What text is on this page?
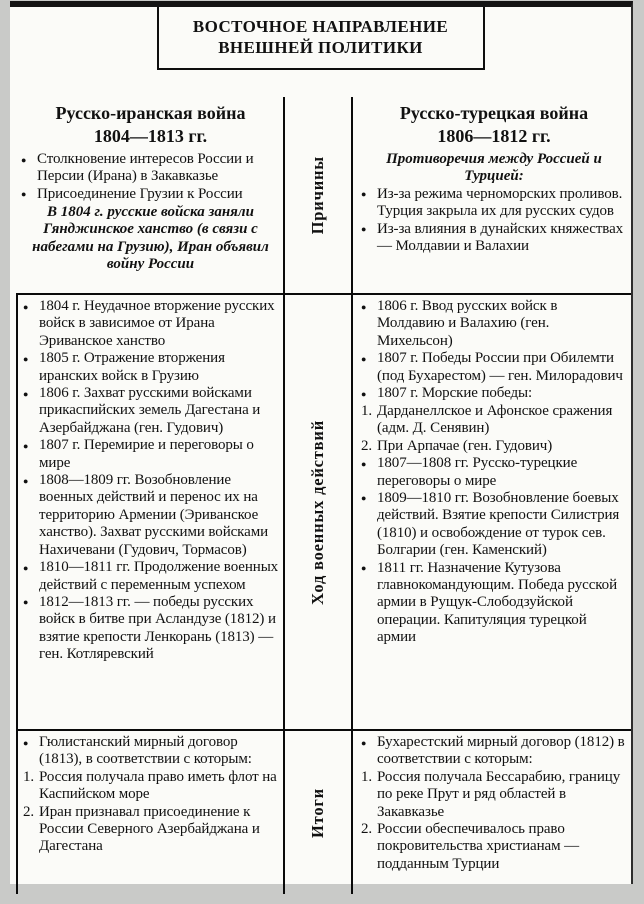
ВОСТОЧНОЕ НАПРАВЛЕНИЕ
ВНЕШНЕЙ ПОЛИТИКИ
Русско-иранская война
1804—1813 гг.
● Столкновение интересов России и Персии (Ирана) в Закавказье
● Присоединение Грузии к России
В 1804 г. русские войска заняли Гянджинское ханство (в связи с набегами на Грузию), Иран объявил войну России
Причины
Русско-турецкая война
1806—1812 гг.
Противоречия между Россией и Турцией:
● Из-за режима черноморских проливов. Турция закрыла их для русских судов
● Из-за влияния в дунайских княжествах — Молдавии и Валахии
● 1804 г. Неудачное вторжение русских войск в зависимое от Ирана Эриванское ханство
● 1805 г. Отражение вторжения иранских войск в Грузию
● 1806 г. Захват русскими войсками прикаспийских земель Дагестана и Азербайджана (ген. Гудович)
● 1807 г. Перемирие и переговоры о мире
● 1808—1809 гг. Возобновление военных действий и перенос их на территорию Армении (Эриванское ханство). Захват русскими войсками Нахичевани (Гудович, Тормасов)
● 1810—1811 гг. Продолжение военных действий с переменным успехом
● 1812—1813 гг. — победы русских войск в битве при Асландузе (1812) и взятие крепости Ленкорань (1813) — ген. Котляревский
Ход военных действий
● 1806 г. Ввод русских войск в Молдавию и Валахию (ген. Михельсон)
● 1807 г. Победы России при Обилемти (под Бухарестом) — ген. Милорадович
● 1807 г. Морские победы:
1. Дарданеллское и Афонское сражения (адм. Д. Сенявин)
2. При Арпачае (ген. Гудович)
● 1807—1808 гг. Русско-турецкие переговоры о мире
● 1809—1810 гг. Возобновление боевых действий. Взятие крепости Силистрия (1810) и освобождение от турок сев. Болгарии (ген. Каменский)
● 1811 гг. Назначение Кутузова главнокомандующим. Победа русской армии в Рущук-Слободзуйской операции. Капитуляция турецкой армии
● Гюлистанский мирный договор (1813), в соответствии с которым:
1. Россия получала право иметь флот на Каспийском море
2. Иран признавал присоединение к России Северного Азербайджана и Дагестана
Итоги
● Бухарестский мирный договор (1812) в соответствии с которым:
1. Россия получала Бессарабию, границу по реке Прут и ряд областей в Закавказье
2. России обеспечивалось право покровительства христианам — подданным Турции
